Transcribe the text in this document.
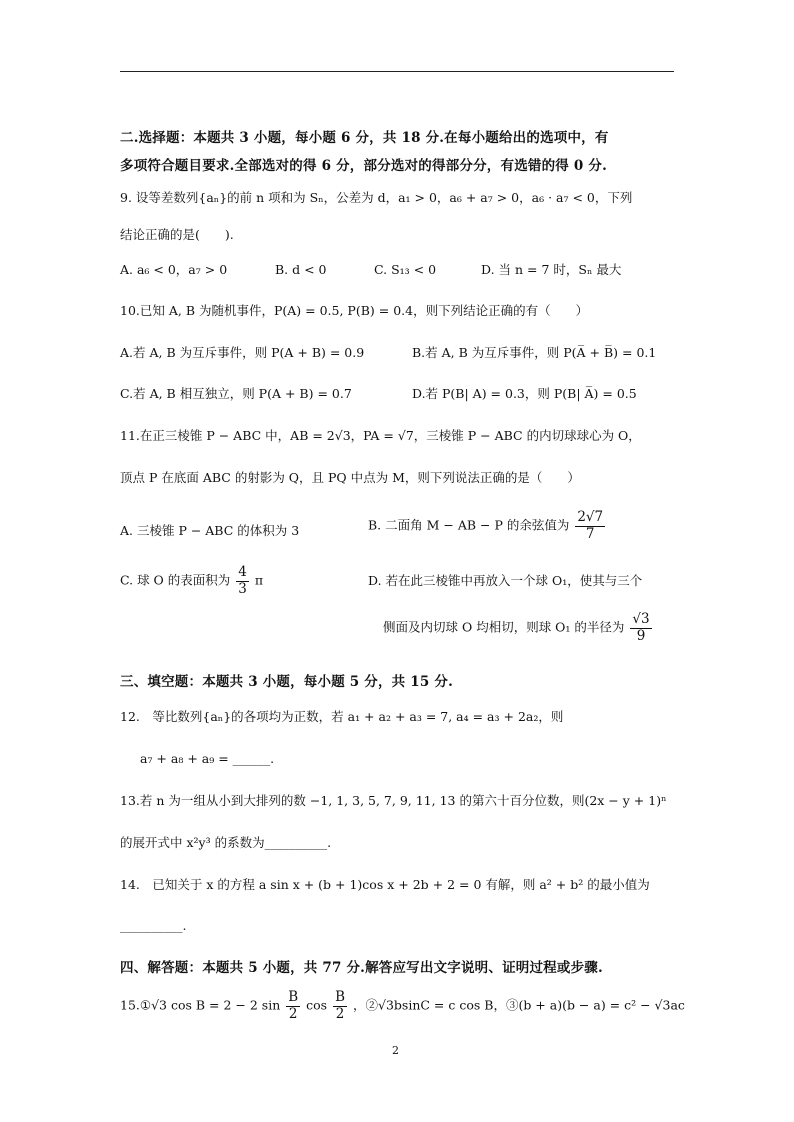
二.选择题：本题共 3 小题，每小题 6 分，共 18 分.在每小题给出的选项中，有
多项符合题目要求.全部选对的得 6 分，部分选对的得部分分，有选错的得 0 分.
9. 设等差数列{aₙ}的前 n 项和为 Sₙ，公差为 d，a₁ > 0，a₆ + a₇ > 0，a₆ · a₇ < 0，下列
结论正确的是(　　).
A. a₆ < 0，a₇ > 0	B. d < 0	C. S₁₃ < 0	D. 当 n = 7 时，Sₙ 最大
10.已知 A, B 为随机事件，P(A) = 0.5, P(B) = 0.4，则下列结论正确的有（　　）
A.若 A, B 为互斥事件，则 P(A + B) = 0.9	B.若 A, B 为互斥事件，则 P(A̅ + B̅) = 0.1
C.若 A, B 相互独立，则 P(A + B) = 0.7	D.若 P(B| A) = 0.3，则 P(B| A̅) = 0.5
11.在正三棱锥 P − ABC 中，AB = 2√3，PA = √7，三棱锥 P − ABC 的内切球球心为 O，
顶点 P 在底面 ABC 的射影为 Q，且 PQ 中点为 M，则下列说法正确的是（　　）
A. 三棱锥 P − ABC 的体积为 3	B. 二面角 M − AB − P 的余弦值为 $\frac{2√7}{7}$
C. 球 O 的表面积为 $\frac{4}{3}$ π	D. 若在此三棱锥中再放入一个球 O₁，使其与三个
侧面及内切球 O 均相切，则球 O₁ 的半径为 $\frac{√3}{9}$
三、填空题：本题共 3 小题，每小题 5 分，共 15 分.
12.　等比数列{aₙ}的各项均为正数，若 a₁ + a₂ + a₃ = 7, a₄ = a₃ + 2a₂，则
a₇ + a₈ + a₉ = ______.
13.若 n 为一组从小到大排列的数 −1, 1, 3, 5, 7, 9, 11, 13 的第六十百分位数，则(2x − y + 1)ⁿ
的展开式中 x²y³ 的系数为__________.
14.　已知关于 x 的方程 a sin x + (b + 1)cos x + 2b + 2 = 0 有解，则 a² + b² 的最小值为
__________.
四、解答题：本题共 5 小题，共 77 分.解答应写出文字说明、证明过程或步骤.
15.①√3 cos B = 2 − 2 $\sin \frac{B}{2}$ $\cos \frac{B}{2}$ ，②√3bsinC = c cos B，③(b + a)(b − a) = c² − √3ac
2
